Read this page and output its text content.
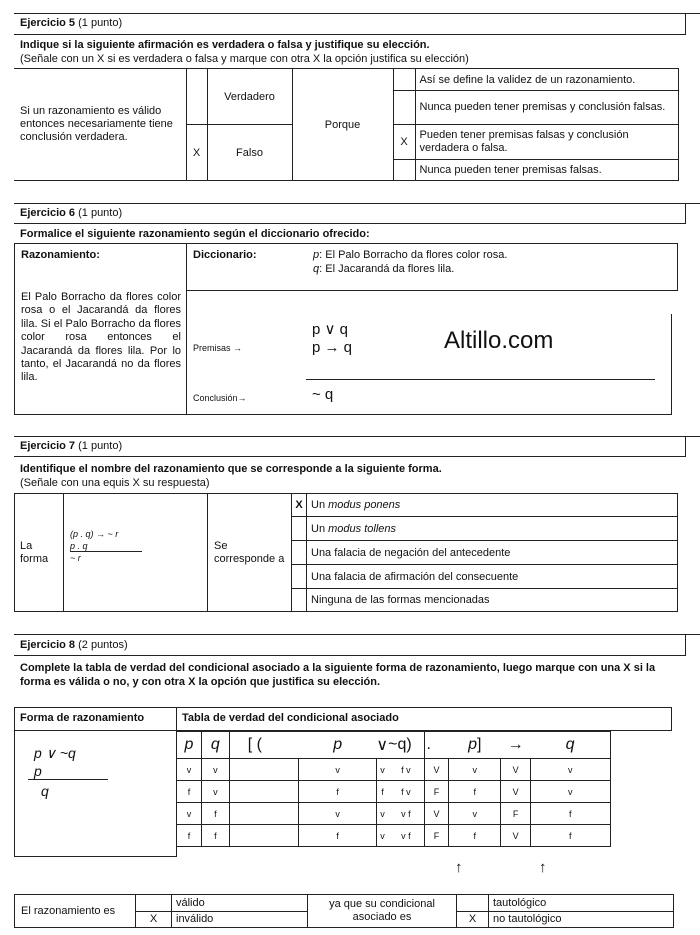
Ejercicio 5 (1 punto)
Indique si la siguiente afirmación es verdadera o falsa y justifique su elección.
(Señale con un X si es verdadera o falsa y marque con otra X la opción justifica su elección)
Si un razonamiento es válido entonces necesariamente tiene conclusión verdadera.		Verdadero	Porque		Así se define la validez de un razonamiento.
					Nunca pueden tener premisas y conclusión falsas.
	X	Falso		X	Pueden tener premisas falsas y conclusión verdadera o falsa.
					Nunca pueden tener premisas falsas.
Ejercicio 6 (1 punto)
Formalice el siguiente razonamiento según el diccionario ofrecido:
Razonamiento:
El Palo Borracho da flores color rosa o el Jacarandá da flores lila. Si el Palo Borracho da flores color rosa entonces el Jacarandá da flores lila. Por lo tanto, el Jacarandá no da flores lila.
Diccionario:	p: El Palo Borracho da flores color rosa.
q: El Jacarandá da flores lila.
Premisas →
p ∨ q
p → q	Altillo.com
Conclusión→	~ q
Ejercicio 7 (1 punto)
Identifique el nombre del razonamiento que se corresponde a la siguiente forma.
(Señale con una equis X su respuesta)
La forma	(p . q) → ~ r
p . q
~ r	Se corresponde a	X	Un modus ponens
				Un modus tollens
				Una falacia de negación del antecedente
				Una falacia de afirmación del consecuente
				Ninguna de las formas mencionadas
Ejercicio 8 (2 puntos)
Complete la tabla de verdad del condicional asociado a la siguiente forma de razonamiento, luego marque con una X si la forma es válida o no, y con otra X la opción que justifica su elección.
Forma de razonamiento	Tabla de verdad del condicional asociado
p ∨ ~q
p
q
p	q	[ (	p	∨	~q)	.	p]	→	q	
v	v		v	v	f v	V	v	V	v	
f	v		f	f	f v	F	f	V	v	
v	f		v	v	v f	V	v	F	f	
f	f		f	v	v f	F	f	V	f	
↑	↑
El razonamiento es		válido	ya que su condicional asociado es		tautológico
	X	inválido		X	no tautológico
